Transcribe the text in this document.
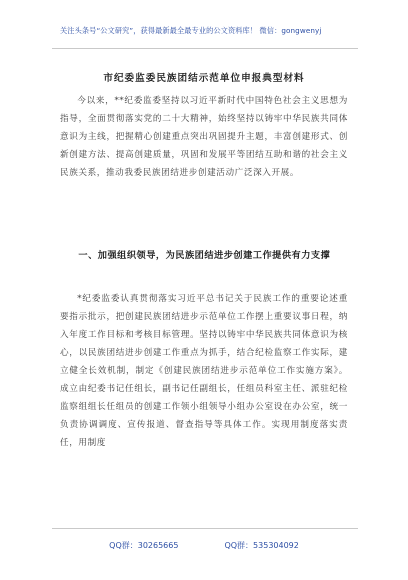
关注头条号“公文研究”，获得最新最全最专业的公文资料库！ 微信：gongwenyj
市纪委监委民族团结示范单位申报典型材料
今以来，**纪委监委坚持以习近平新时代中国特色社会主义思想为指导，全面贯彻落实党的二十大精神，始终坚持以铸牢中华民族共同体意识为主线，把握精心创建重点突出巩固提升主题，丰富创建形式、创新创建方法、提高创建质量，巩固和发展平等团结互助和谐的社会主义民族关系，推动我委民族团结进步创建活动广泛深入开展。
一、加强组织领导，为民族团结进步创建工作提供有力支撑
*纪委监委认真贯彻落实习近平总书记关于民族工作的重要论述重要指示批示，把创建民族团结进步示范单位工作摆上重要议事日程，纳入年度工作目标和考核目标管理。坚持以铸牢中华民族共同体意识为核心，以民族团结进步创建工作重点为抓手，结合纪检监察工作实际，建立健全长效机制，制定《创建民族团结进步示范单位工作实施方案》。成立由纪委书记任组长，副书记任副组长，任组员科室主任、派驻纪检监察组组长任组员的创建工作领小组领导小组办公室设在办公室，统一负责协调调度、宣传报道、督查指导等具体工作。实现用制度落实责任，用制度
QQ群：30265665	QQ群：535304092
